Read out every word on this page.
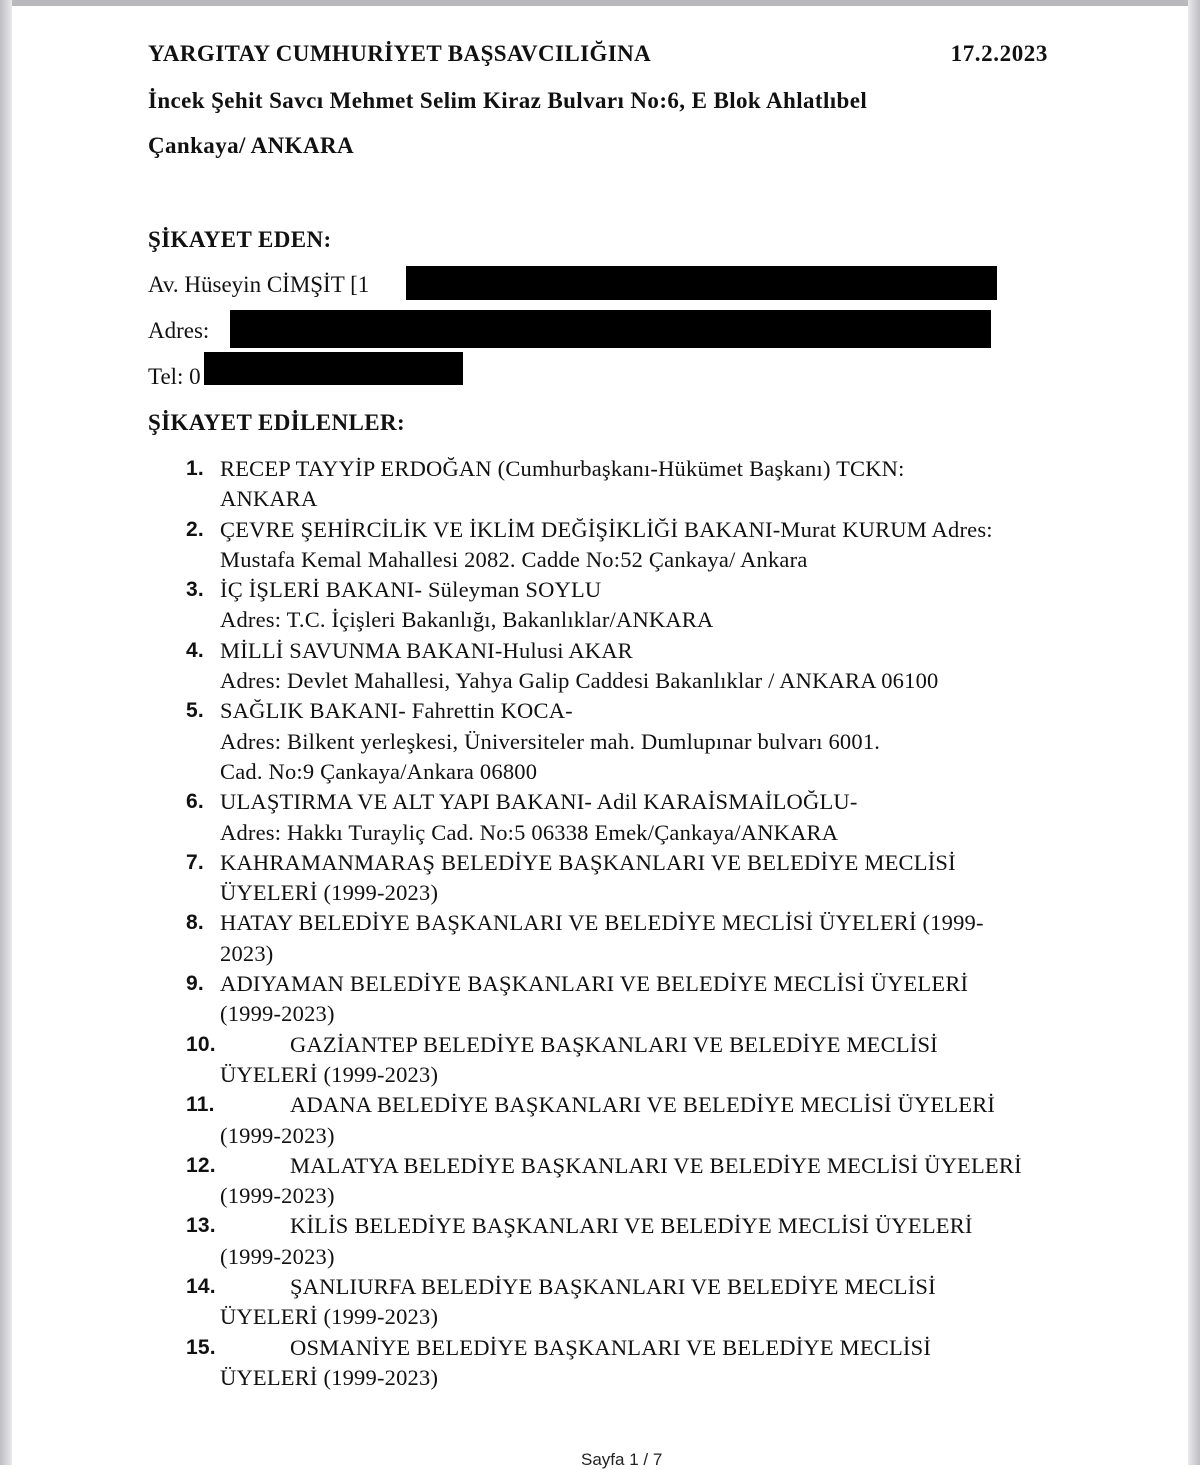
YARGITAY CUMHURİYET BAŞSAVCILIĞINA	17.2.2023
İncek Şehit Savcı Mehmet Selim Kiraz Bulvarı No:6, E Blok Ahlatlıbel
Çankaya/ ANKARA
ŞİKAYET EDEN:
Av. Hüseyin CİMŞİT [1
Adres:
Tel: 0
ŞİKAYET EDİLENLER:
1. RECEP TAYYİP ERDOĞAN (Cumhurbaşkanı-Hükümet Başkanı) TCKN:
ANKARA
2. ÇEVRE ŞEHİRCİLİK VE İKLİM DEĞİŞİKLİĞİ BAKANI-Murat KURUM Adres:
Mustafa Kemal Mahallesi 2082. Cadde No:52 Çankaya/ Ankara
3. İÇ İŞLERİ BAKANI- Süleyman SOYLU
Adres: T.C. İçişleri Bakanlığı, Bakanlıklar/ANKARA
4. MİLLİ SAVUNMA BAKANI-Hulusi AKAR
Adres: Devlet Mahallesi, Yahya Galip Caddesi Bakanlıklar / ANKARA 06100
5. SAĞLIK BAKANI- Fahrettin KOCA-
Adres: Bilkent yerleşkesi, Üniversiteler mah. Dumlupınar bulvarı 6001.
Cad. No:9 Çankaya/Ankara 06800
6. ULAŞTIRMA VE ALT YAPI BAKANI- Adil KARAİSMAİLOĞLU-
Adres: Hakkı Turayliç Cad. No:5 06338 Emek/Çankaya/ANKARA
7. KAHRAMANMARAŞ BELEDİYE BAŞKANLARI VE BELEDİYE MECLİSİ
ÜYELERİ (1999-2023)
8. HATAY BELEDİYE BAŞKANLARI VE BELEDİYE MECLİSİ ÜYELERİ (1999-
2023)
9. ADIYAMAN BELEDİYE BAŞKANLARI VE BELEDİYE MECLİSİ ÜYELERİ
(1999-2023)
10.	GAZİANTEP BELEDİYE BAŞKANLARI VE BELEDİYE MECLİSİ
ÜYELERİ (1999-2023)
11.	ADANA BELEDİYE BAŞKANLARI VE BELEDİYE MECLİSİ ÜYELERİ
(1999-2023)
12.	MALATYA BELEDİYE BAŞKANLARI VE BELEDİYE MECLİSİ ÜYELERİ
(1999-2023)
13.	KİLİS BELEDİYE BAŞKANLARI VE BELEDİYE MECLİSİ ÜYELERİ
(1999-2023)
14.	ŞANLIURFA BELEDİYE BAŞKANLARI VE BELEDİYE MECLİSİ
ÜYELERİ (1999-2023)
15.	OSMANİYE BELEDİYE BAŞKANLARI VE BELEDİYE MECLİSİ
ÜYELERİ (1999-2023)
Sayfa 1 / 7
